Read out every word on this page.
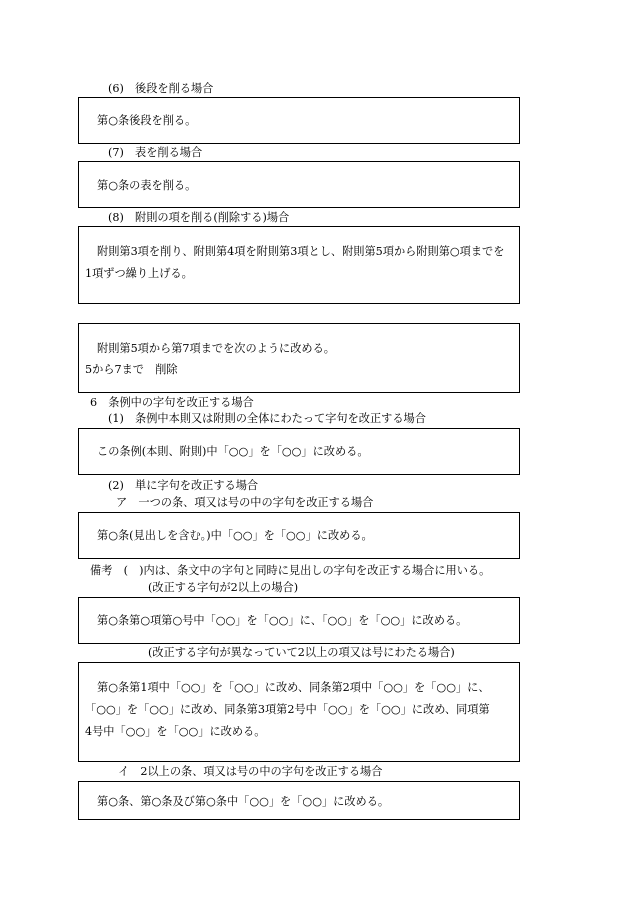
(6)　後段を削る場合
第○条後段を削る。
(7)　表を削る場合
第○条の表を削る。
(8)　附則の項を削る(削除する)場合
附則第3項を削り、附則第4項を附則第3項とし、附則第5項から附則第○項までを
1項ずつ繰り上げる。
附則第5項から第7項までを次のように改める。
5から7まで　削除
6　条例中の字句を改正する場合
(1)　条例中本則又は附則の全体にわたって字句を改正する場合
この条例(本則、附則)中「○○」を「○○」に改める。
(2)　単に字句を改正する場合
ア　一つの条、項又は号の中の字句を改正する場合
第○条(見出しを含む。)中「○○」を「○○」に改める。
備考　(　)内は、条文中の字句と同時に見出しの字句を改正する場合に用いる。
(改正する字句が2以上の場合)
第○条第○項第○号中「○○」を「○○」に、「○○」を「○○」に改める。
(改正する字句が異なっていて2以上の項又は号にわたる場合)
第○条第1項中「○○」を「○○」に改め、同条第2項中「○○」を「○○」に、
「○○」を「○○」に改め、同条第3項第2号中「○○」を「○○」に改め、同項第
4号中「○○」を「○○」に改める。
イ　2以上の条、項又は号の中の字句を改正する場合
第○条、第○条及び第○条中「○○」を「○○」に改める。
